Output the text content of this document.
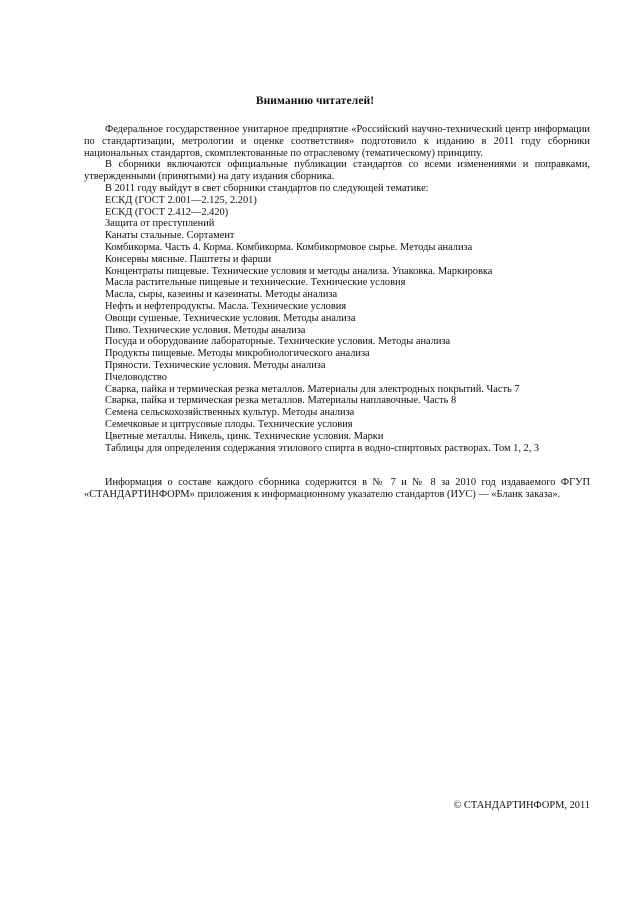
Вниманию читателей!

Федеральное государственное унитарное предприятие «Российский научно-технический центр информации по стандартизации, метрологии и оценке соответствия» подготовило к изданию в 2011 году сборники национальных стандартов, скомплектованные по отраслевому (тематическому) принципу.

В сборники включаются официальные публикации стандартов со всеми изменениями и поправками, утвержденными (принятыми) на дату издания сборника.

В 2011 году выйдут в свет сборники стандартов по следующей тематике:

ЕСКД (ГОСТ 2.001—2.125, 2.201)
ЕСКД (ГОСТ 2.412—2.420)
Защита от преступлений
Канаты стальные. Сортамент
Комбикорма. Часть 4. Корма. Комбикорма. Комбикормовое сырье. Методы анализа
Консервы мясные. Паштеты и фарши
Концентраты пищевые. Технические условия и методы анализа. Упаковка. Маркировка
Масла растительные пищевые и технические. Технические условия
Масла, сыры, казеины и казеинаты. Методы анализа
Нефть и нефтепродукты. Масла. Технические условия
Овощи сушеные. Технические условия. Методы анализа
Пиво. Технические условия. Методы анализа
Посуда и оборудование лабораторные. Технические условия. Методы анализа
Продукты пищевые. Методы микробиологического анализа
Пряности. Технические условия. Методы анализа
Пчеловодство
Сварка, пайка и термическая резка металлов. Материалы для электродных покрытий. Часть 7
Сварка, пайка и термическая резка металлов. Материалы наплавочные. Часть 8
Семена сельскохозяйственных культур. Методы анализа
Семечковые и цитрусовые плоды. Технические условия
Цветные металлы. Никель, цинк. Технические условия. Марки
Таблицы для определения содержания этилового спирта в водно-спиртовых растворах. Том 1, 2, 3

Информация о составе каждого сборника содержится в № 7 и № 8 за 2010 год издаваемого ФГУП «СТАНДАРТИНФОРМ» приложения к информационному указателю стандартов (ИУС) — «Бланк заказа».

© СТАНДАРТИНФОРМ, 2011
